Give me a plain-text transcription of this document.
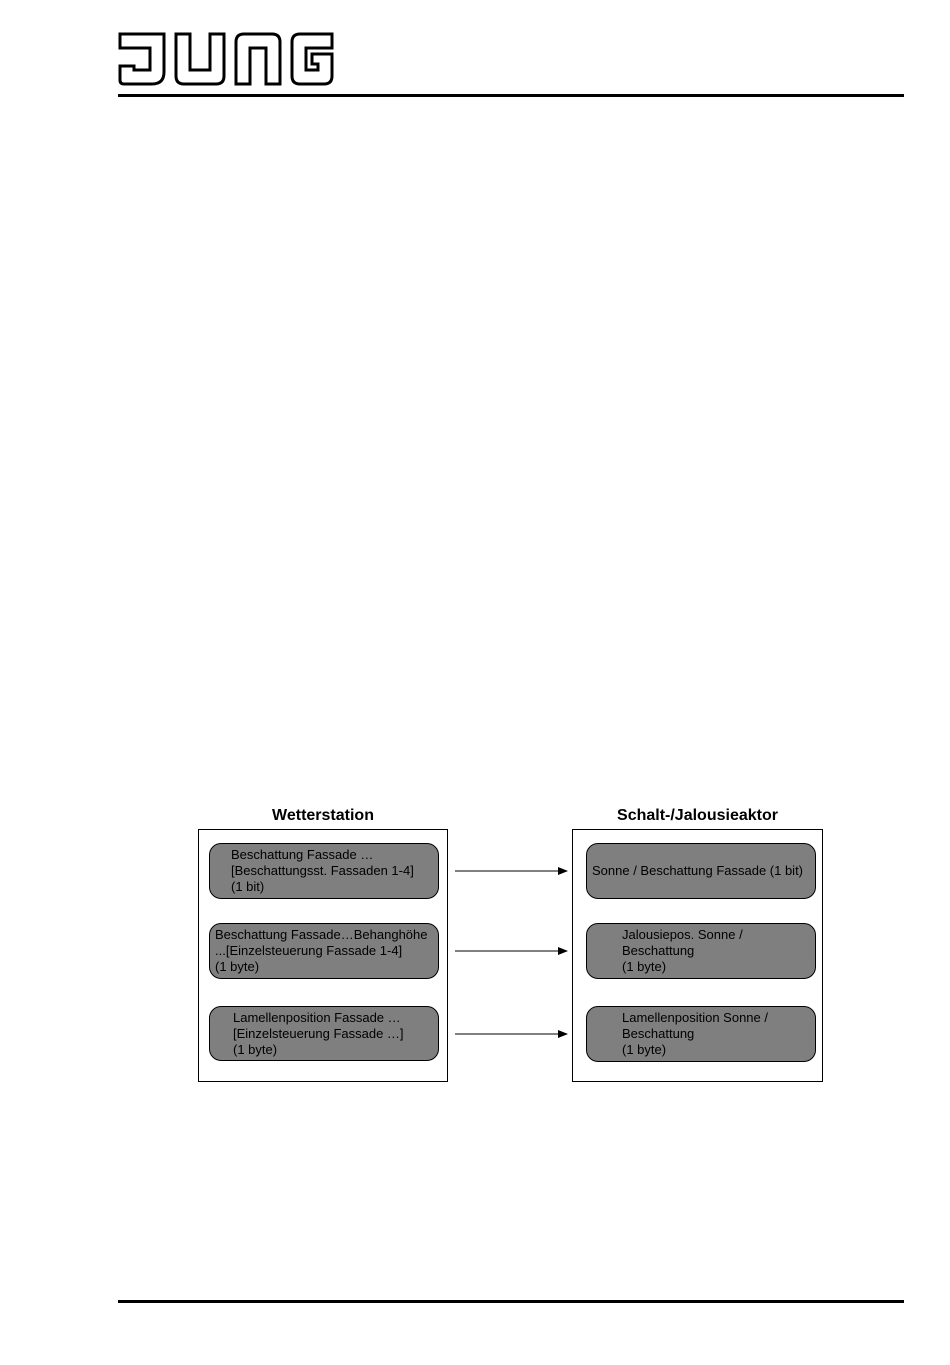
Wetterstation	Schalt-/Jalousieaktor
Beschattung Fassade …
[Beschattungsst. Fassaden 1-4]
(1 bit)
Beschattung Fassade…Behanghöhe
...[Einzelsteuerung Fassade 1-4]
(1 byte)
Lamellenposition Fassade …
[Einzelsteuerung Fassade …]
(1 byte)
Sonne / Beschattung Fassade (1 bit)
Jalousiepos. Sonne /
Beschattung
(1 byte)
Lamellenposition Sonne /
Beschattung
(1 byte)
